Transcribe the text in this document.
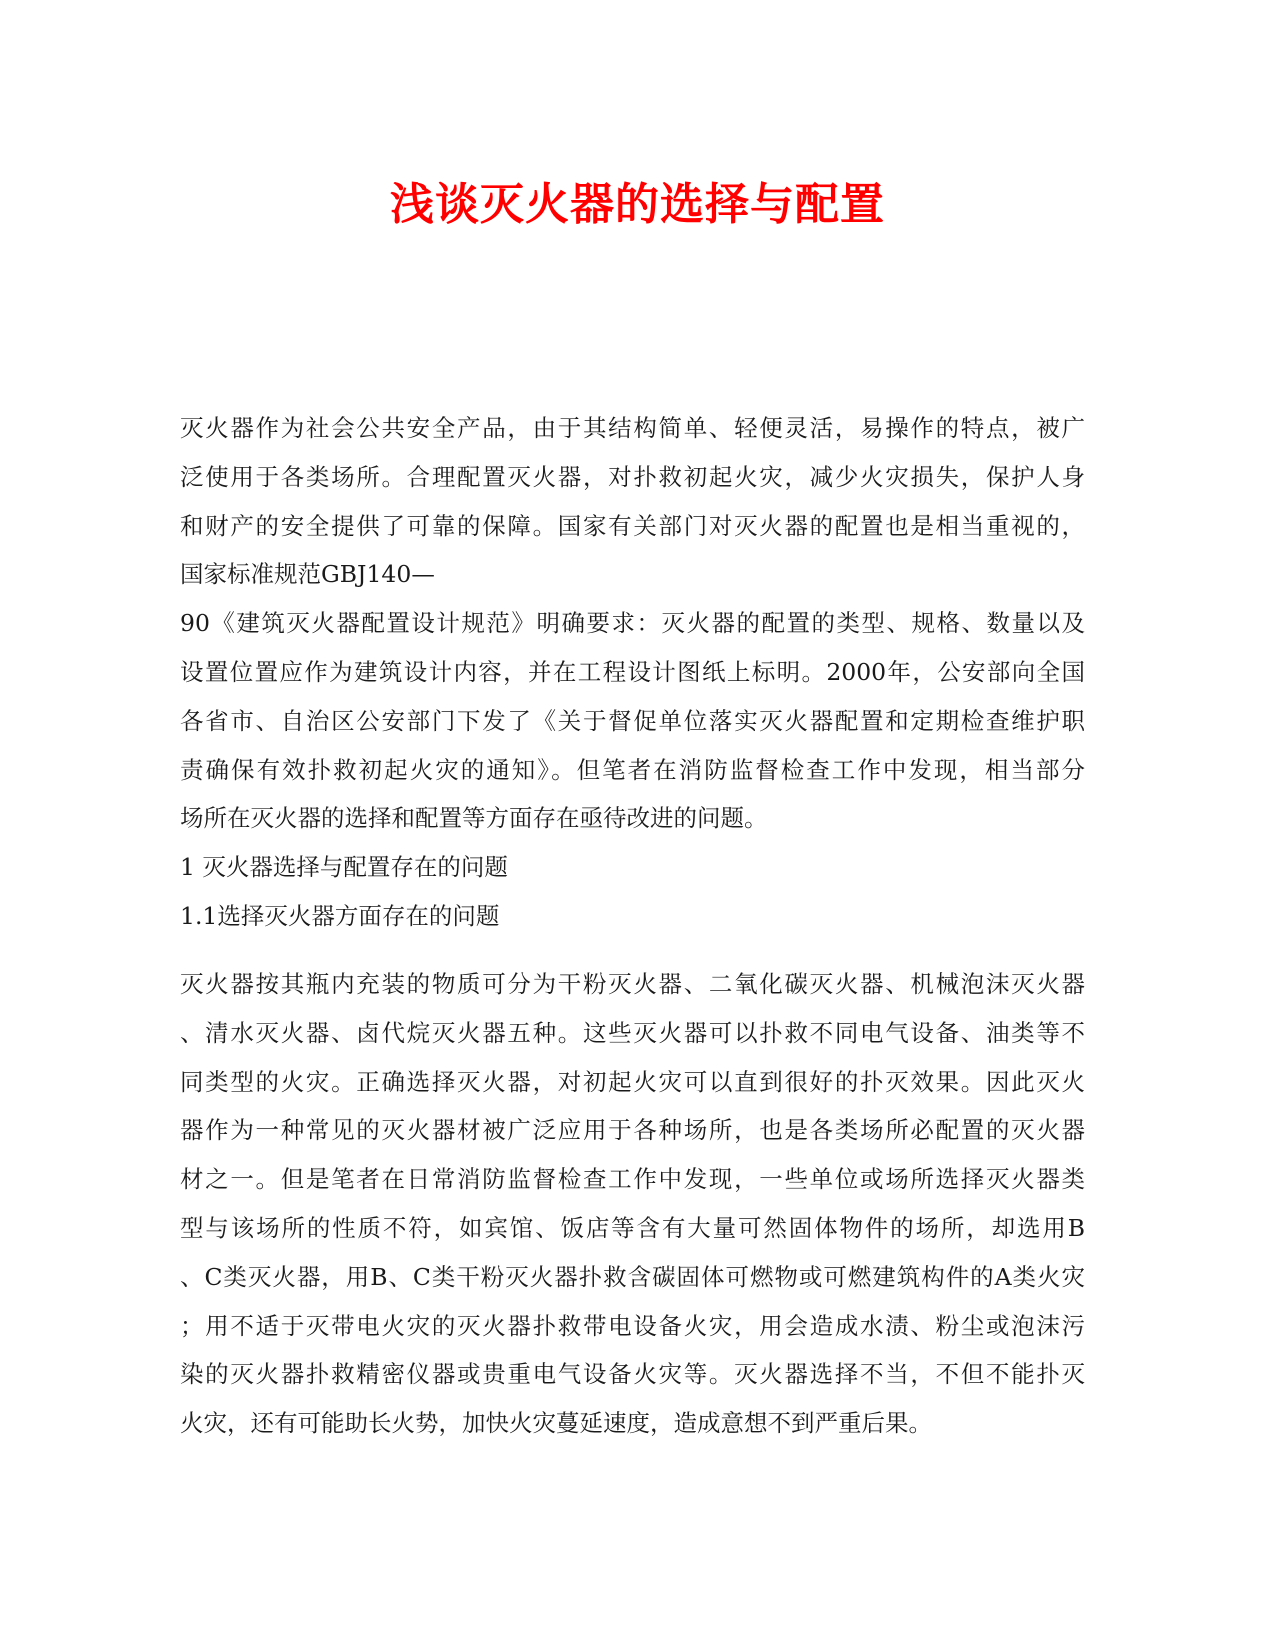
浅谈灭火器的选择与配置
灭火器作为社会公共安全产品，由于其结构简单、轻便灵活，易操作的特点，被广
泛使用于各类场所。合理配置灭火器，对扑救初起火灾，减少火灾损失，保护人身
和财产的安全提供了可靠的保障。国家有关部门对灭火器的配置也是相当重视的，
国家标准规范GBJ140—
90《建筑灭火器配置设计规范》明确要求：灭火器的配置的类型、规格、数量以及
设置位置应作为建筑设计内容，并在工程设计图纸上标明。2000年，公安部向全国
各省市、自治区公安部门下发了《关于督促单位落实灭火器配置和定期检查维护职
责确保有效扑救初起火灾的通知》。但笔者在消防监督检查工作中发现，相当部分
场所在灭火器的选择和配置等方面存在亟待改进的问题。
1 灭火器选择与配置存在的问题
1.1选择灭火器方面存在的问题
灭火器按其瓶内充装的物质可分为干粉灭火器、二氧化碳灭火器、机械泡沫灭火器
、清水灭火器、卤代烷灭火器五种。这些灭火器可以扑救不同电气设备、油类等不
同类型的火灾。正确选择灭火器，对初起火灾可以直到很好的扑灭效果。因此灭火
器作为一种常见的灭火器材被广泛应用于各种场所，也是各类场所必配置的灭火器
材之一。但是笔者在日常消防监督检查工作中发现，一些单位或场所选择灭火器类
型与该场所的性质不符，如宾馆、饭店等含有大量可然固体物件的场所，却选用B
、C类灭火器，用B、C类干粉灭火器扑救含碳固体可燃物或可燃建筑构件的A类火灾
；用不适于灭带电火灾的灭火器扑救带电设备火灾，用会造成水渍、粉尘或泡沫污
染的灭火器扑救精密仪器或贵重电气设备火灾等。灭火器选择不当，不但不能扑灭
火灾，还有可能助长火势，加快火灾蔓延速度，造成意想不到严重后果。
